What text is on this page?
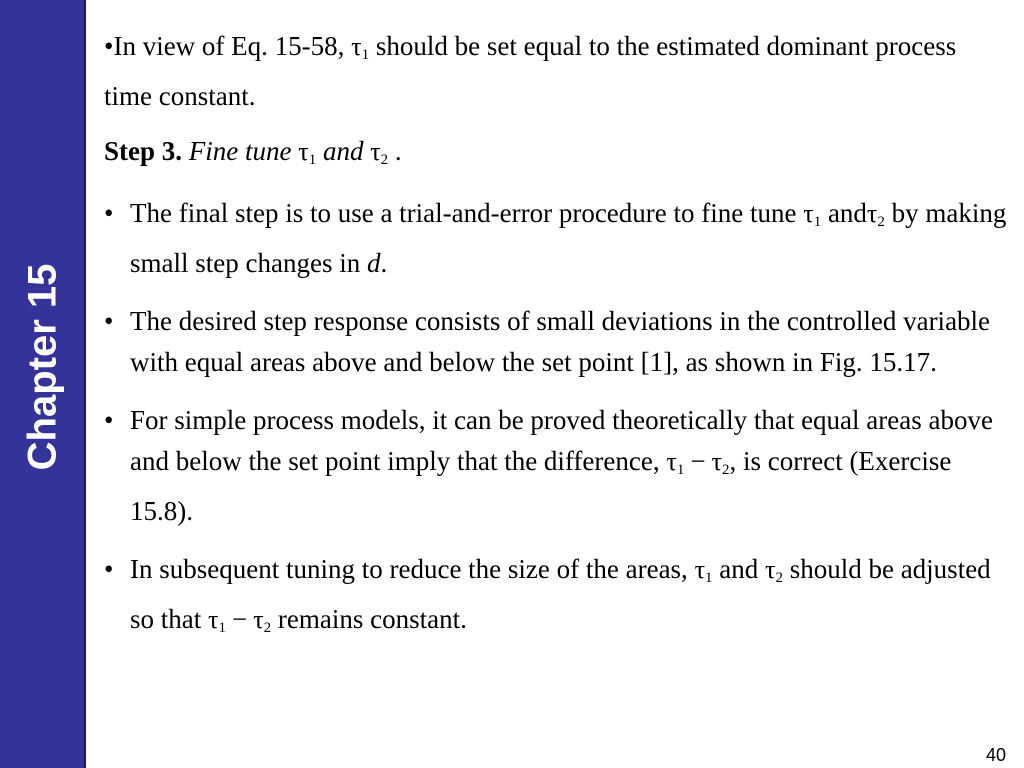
Chapter 15

•In view of Eq. 15-58, $\tau_1$ should be set equal to the estimated dominant process time constant.

Step 3. Fine tune $\tau_1$ and $\tau_2$ .

• The final step is to use a trial-and-error procedure to fine tune $\tau_1$ andτ$_2$ by making small step changes in d.
• The desired step response consists of small deviations in the controlled variable with equal areas above and below the set point [1], as shown in Fig. 15.17.
• For simple process models, it can be proved theoretically that equal areas above and below the set point imply that the difference, $\tau_1 - \tau_2$, is correct (Exercise 15.8).
• In subsequent tuning to reduce the size of the areas, $\tau_1$ and $\tau_2$ should be adjusted so that $\tau_1 - \tau_2$ remains constant.
40
